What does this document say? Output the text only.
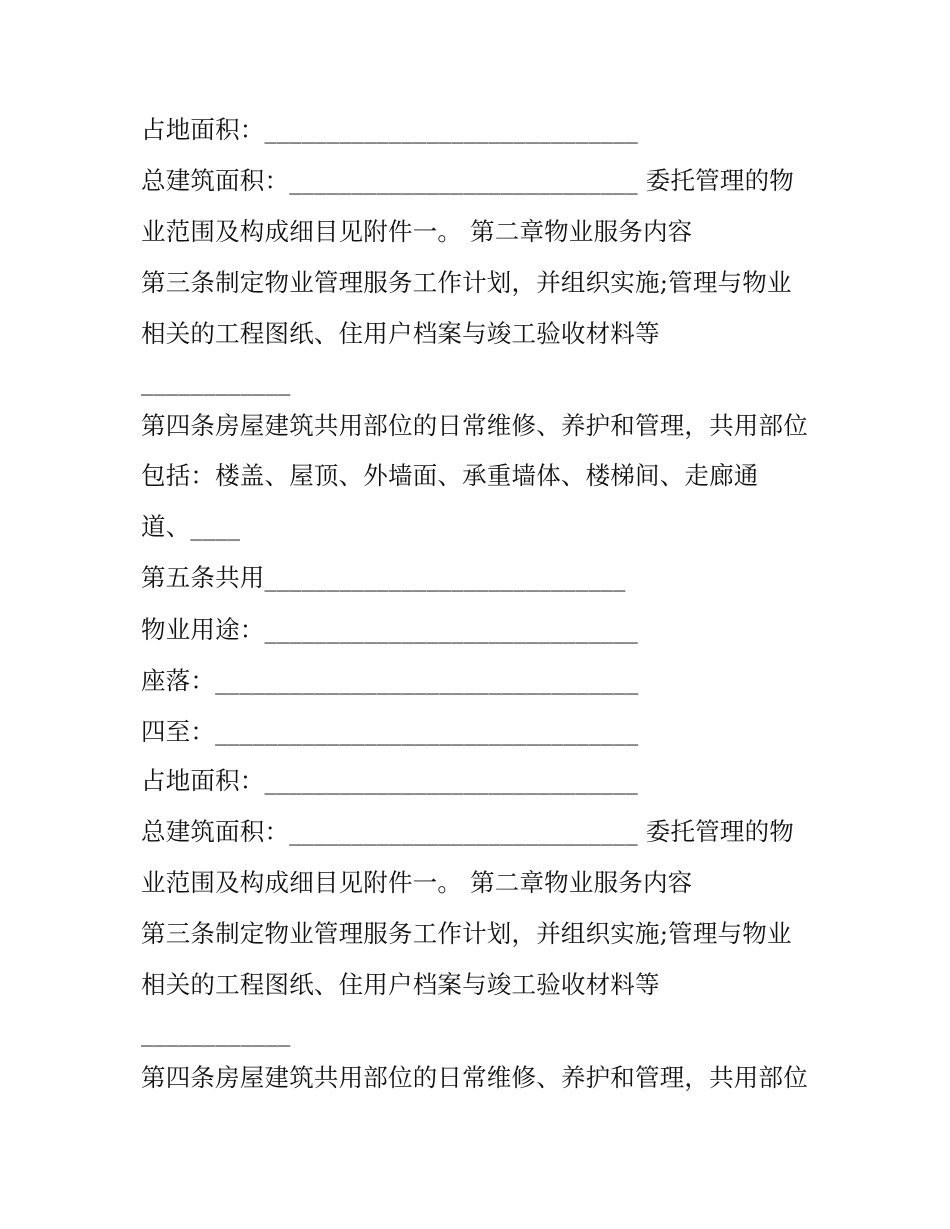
占地面积：______________________________
总建筑面积：____________________________ 委托管理的物
业范围及构成细目见附件一。 第二章物业服务内容
第三条制定物业管理服务工作计划，并组织实施;管理与物业
相关的工程图纸、住用户档案与竣工验收材料等
____________
第四条房屋建筑共用部位的日常维修、养护和管理，共用部位
包括：楼盖、屋顶、外墙面、承重墙体、楼梯间、走廊通
道、____
第五条共用_____________________________
物业用途：______________________________
座落：__________________________________
四至：__________________________________
占地面积：______________________________
总建筑面积：____________________________ 委托管理的物
业范围及构成细目见附件一。 第二章物业服务内容
第三条制定物业管理服务工作计划，并组织实施;管理与物业
相关的工程图纸、住用户档案与竣工验收材料等
____________
第四条房屋建筑共用部位的日常维修、养护和管理，共用部位
